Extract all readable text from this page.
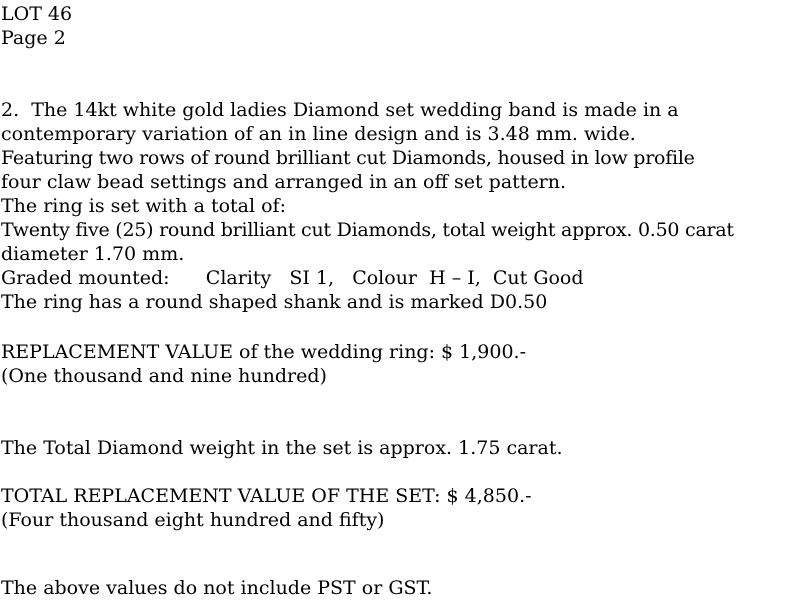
LOT 46

Page 2

2.  The 14kt white gold ladies Diamond set wedding band is made in a

contemporary variation of an in line design and is 3.48 mm. wide.

Featuring two rows of round brilliant cut Diamonds, housed in low profile

four claw bead settings and arranged in an off set pattern.

The ring is set with a total of:

Twenty five (25) round brilliant cut Diamonds, total weight approx. 0.50 carat

diameter 1.70 mm.

Graded mounted:      Clarity   SI 1,   Colour  H – I,  Cut Good

The ring has a round shaped shank and is marked D0.50

REPLACEMENT VALUE of the wedding ring: $ 1,900.-

(One thousand and nine hundred)

The Total Diamond weight in the set is approx. 1.75 carat.

TOTAL REPLACEMENT VALUE OF THE SET: $ 4,850.-

(Four thousand eight hundred and fifty)

The above values do not include PST or GST.
